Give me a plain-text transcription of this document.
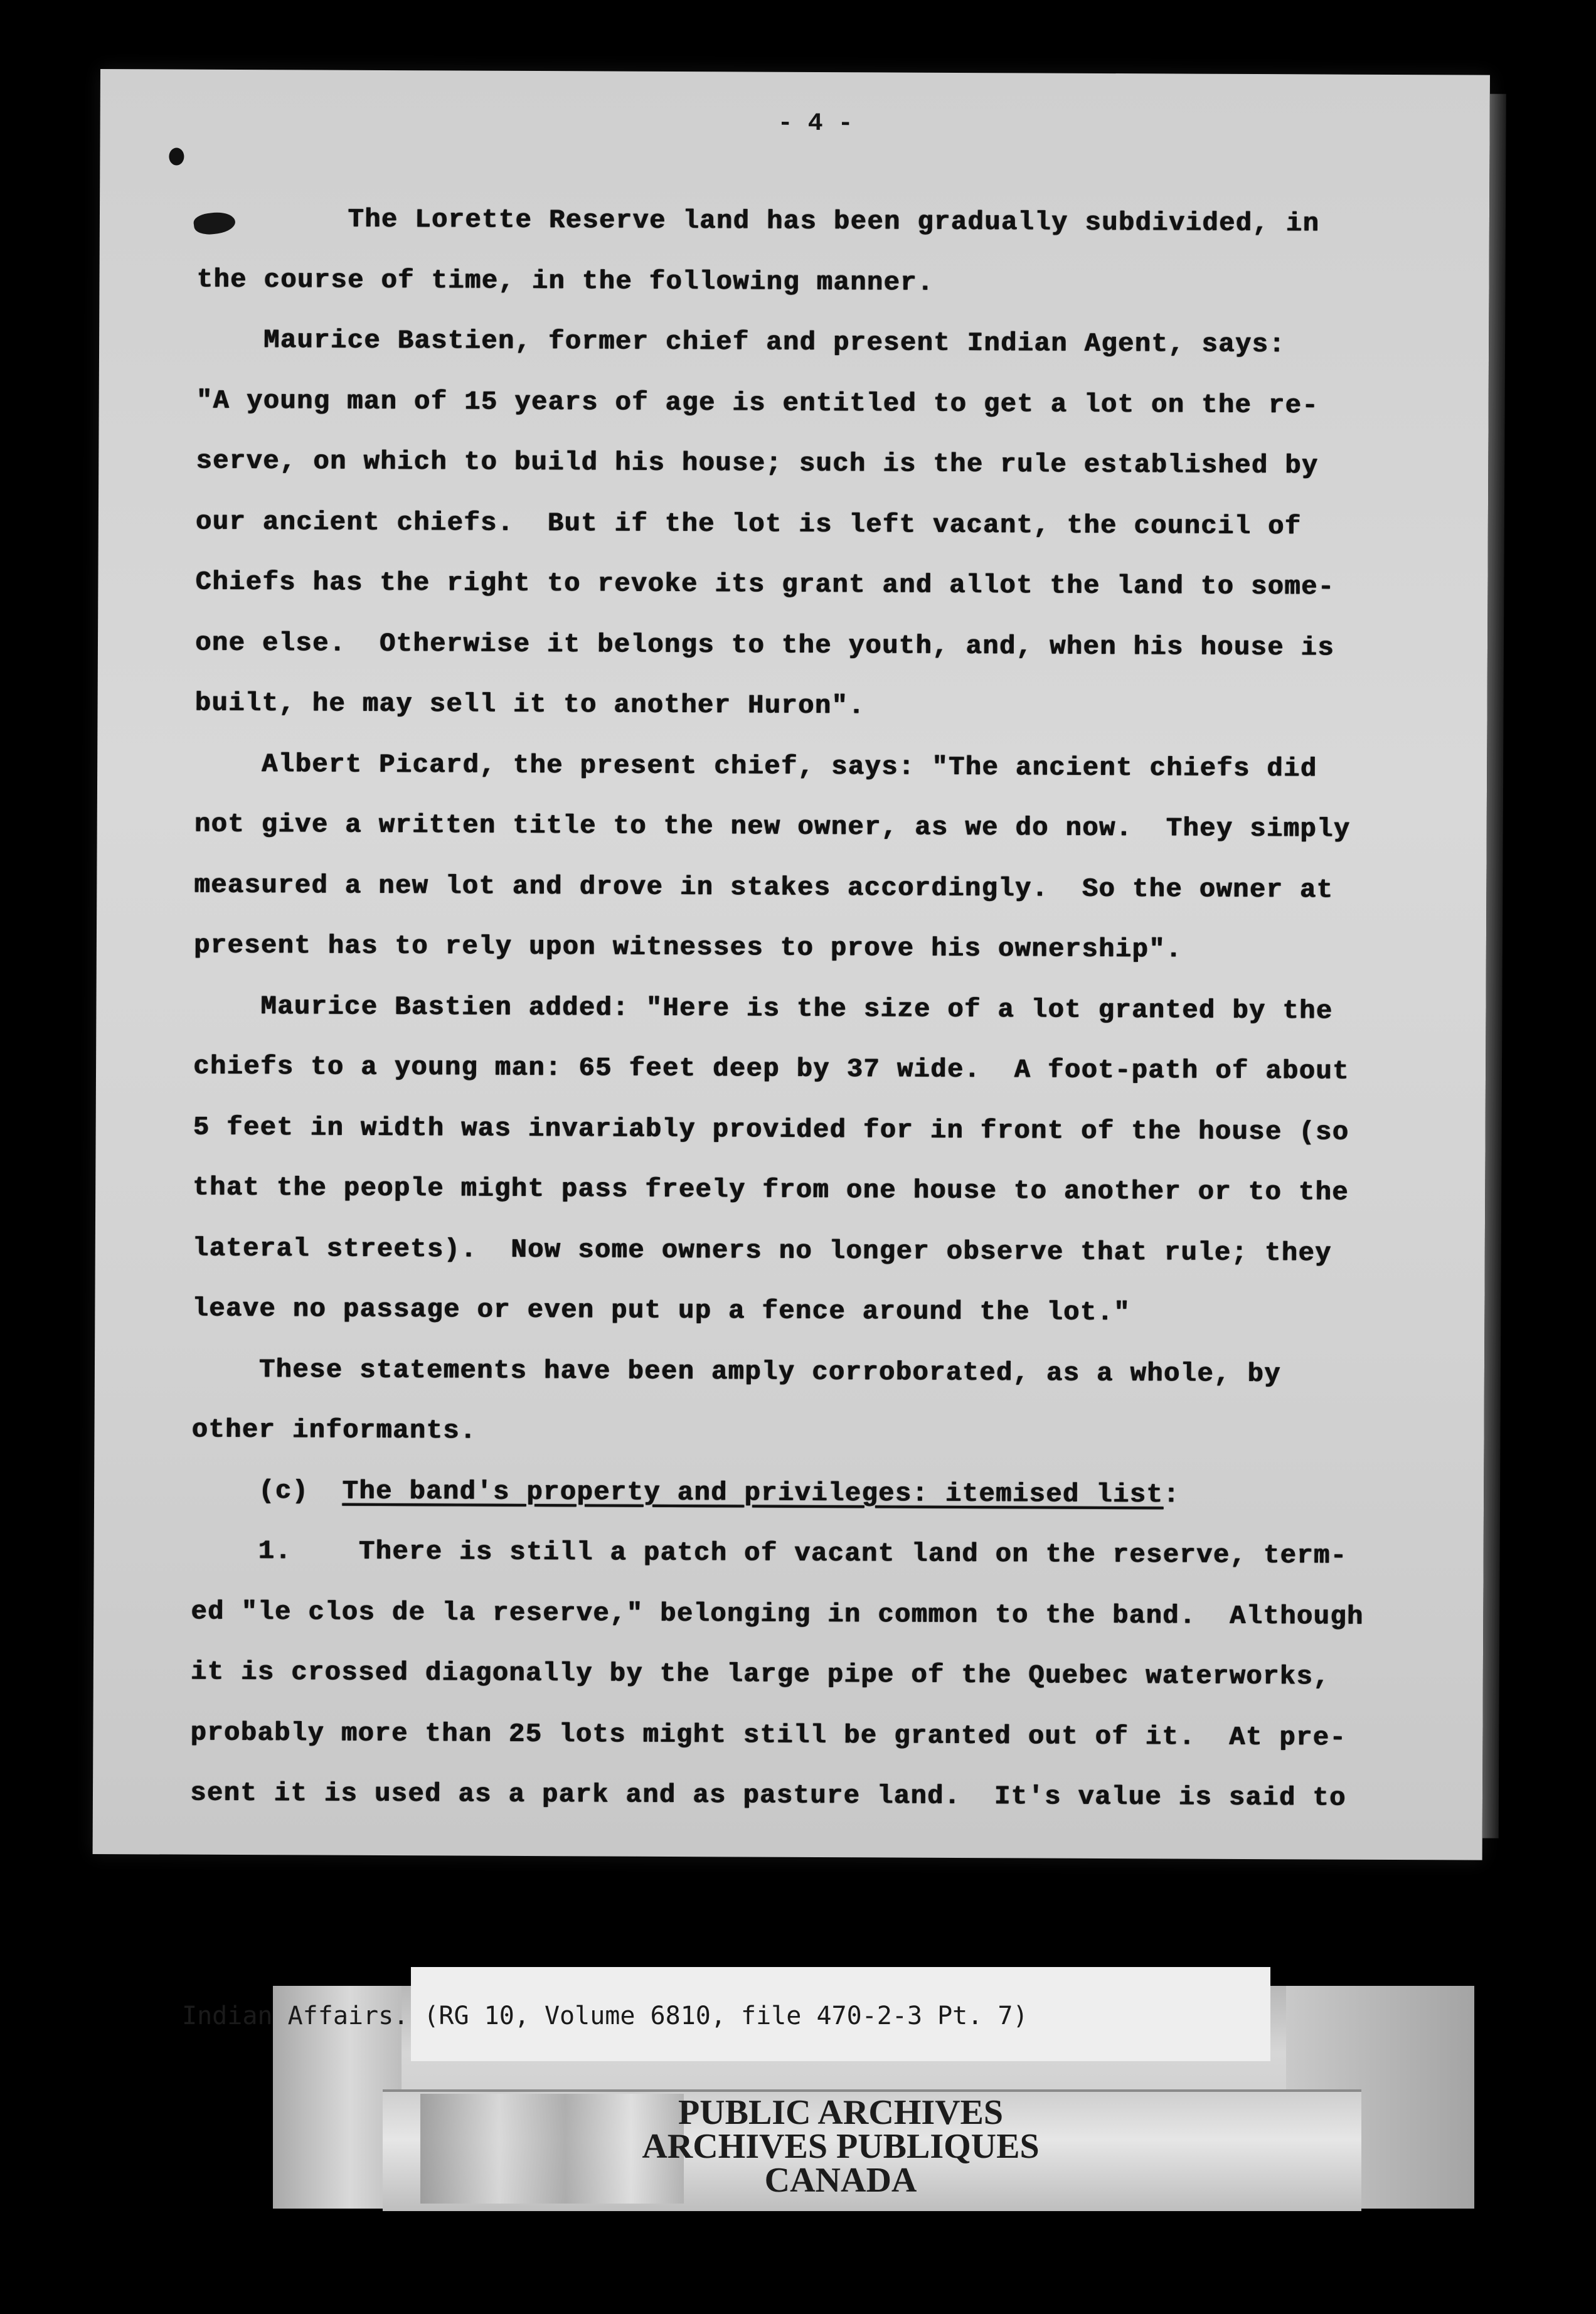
- 4 -
The Lorette Reserve land has been gradually subdivided, in
the course of time, in the following manner.
Maurice Bastien, former chief and present Indian Agent, says:
"A young man of 15 years of age is entitled to get a lot on the re-
serve, on which to build his house; such is the rule established by
our ancient chiefs.  But if the lot is left vacant, the council of
Chiefs has the right to revoke its grant and allot the land to some-
one else.  Otherwise it belongs to the youth, and, when his house is
built, he may sell it to another Huron".
Albert Picard, the present chief, says: "The ancient chiefs did
not give a written title to the new owner, as we do now.  They simply
measured a new lot and drove in stakes accordingly.  So the owner at
present has to rely upon witnesses to prove his ownership".
Maurice Bastien added: "Here is the size of a lot granted by the
chiefs to a young man: 65 feet deep by 37 wide.  A foot-path of about
5 feet in width was invariably provided for in front of the house (so
that the people might pass freely from one house to another or to the
lateral streets).  Now some owners no longer observe that rule; they
leave no passage or even put up a fence around the lot."
These statements have been amply corroborated, as a whole, by
other informants.
(c)  The band's property and privileges: itemised list:
1.    There is still a patch of vacant land on the reserve, term-
ed "le clos de la reserve," belonging in common to the band.  Although
it is crossed diagonally by the large pipe of the Quebec waterworks,
probably more than 25 lots might still be granted out of it.  At pre-
sent it is used as a park and as pasture land.  It's value is said to
Indian Affairs. (RG 10, Volume 6810, file 470-2-3 Pt. 7)
PUBLIC ARCHIVES
ARCHIVES PUBLIQUES
CANADA
